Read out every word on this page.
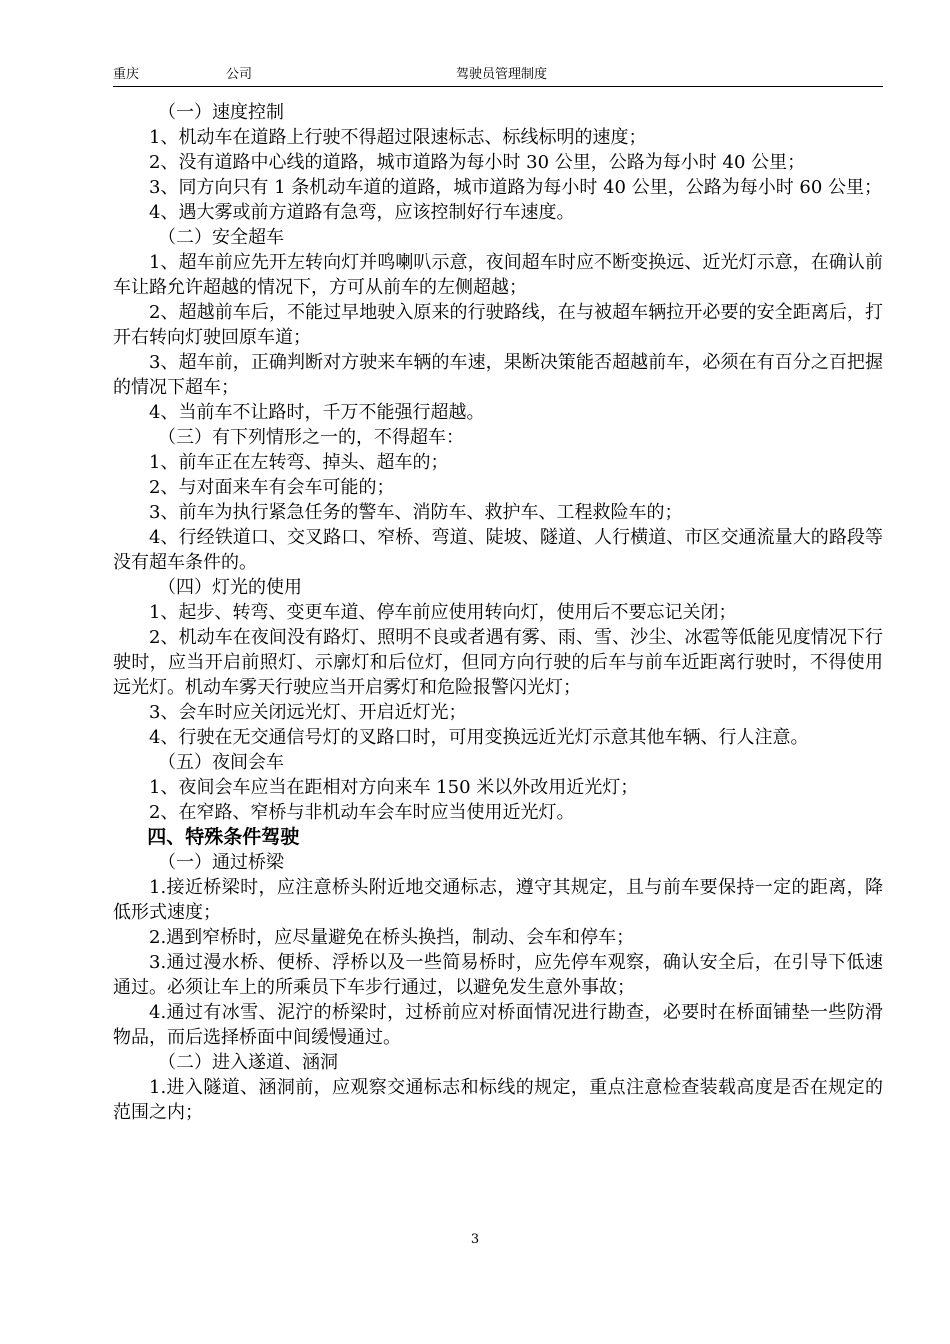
重庆	公司	驾驶员管理制度

（一）速度控制

1、机动车在道路上行驶不得超过限速标志、标线标明的速度；

2、没有道路中心线的道路，城市道路为每小时 30 公里，公路为每小时 40 公里；

3、同方向只有 1 条机动车道的道路，城市道路为每小时 40 公里，公路为每小时 60 公里；

4、遇大雾或前方道路有急弯，应该控制好行车速度。

（二）安全超车

1、超车前应先开左转向灯并鸣喇叭示意，夜间超车时应不断变换远、近光灯示意，在确认前车让路允许超越的情况下，方可从前车的左侧超越；

2、超越前车后，不能过早地驶入原来的行驶路线，在与被超车辆拉开必要的安全距离后，打开右转向灯驶回原车道；

3、超车前，正确判断对方驶来车辆的车速，果断决策能否超越前车，必须在有百分之百把握的情况下超车；

4、当前车不让路时，千万不能强行超越。

（三）有下列情形之一的，不得超车：

1、前车正在左转弯、掉头、超车的；

2、与对面来车有会车可能的；

3、前车为执行紧急任务的警车、消防车、救护车、工程救险车的；

4、行经铁道口、交叉路口、窄桥、弯道、陡坡、隧道、人行横道、市区交通流量大的路段等没有超车条件的。

（四）灯光的使用

1、起步、转弯、变更车道、停车前应使用转向灯，使用后不要忘记关闭；

2、机动车在夜间没有路灯、照明不良或者遇有雾、雨、雪、沙尘、冰雹等低能见度情况下行驶时，应当开启前照灯、示廓灯和后位灯，但同方向行驶的后车与前车近距离行驶时，不得使用远光灯。机动车雾天行驶应当开启雾灯和危险报警闪光灯；

3、会车时应关闭远光灯、开启近灯光；

4、行驶在无交通信号灯的叉路口时，可用变换远近光灯示意其他车辆、行人注意。

（五）夜间会车

1、夜间会车应当在距相对方向来车 150 米以外改用近光灯；

2、在窄路、窄桥与非机动车会车时应当使用近光灯。

四、特殊条件驾驶

（一）通过桥梁

1.接近桥梁时，应注意桥头附近地交通标志，遵守其规定，且与前车要保持一定的距离，降低形式速度；

2.遇到窄桥时，应尽量避免在桥头换挡，制动、会车和停车；

3.通过漫水桥、便桥、浮桥以及一些简易桥时，应先停车观察，确认安全后，在引导下低速通过。必须让车上的所乘员下车步行通过，以避免发生意外事故；

4.通过有冰雪、泥泞的桥梁时，过桥前应对桥面情况进行勘查，必要时在桥面铺垫一些防滑物品，而后选择桥面中间缓慢通过。

（二）进入遂道、涵洞

1.进入隧道、涵洞前，应观察交通标志和标线的规定，重点注意检查装载高度是否在规定的范围之内；

3
